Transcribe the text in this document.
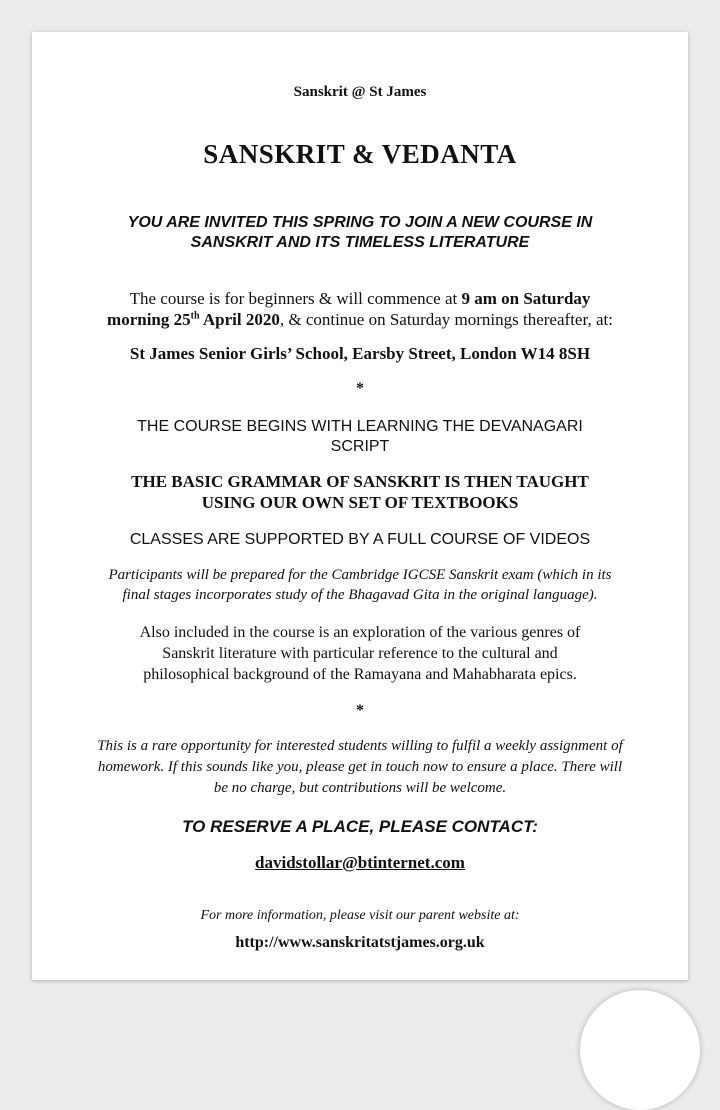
Sanskrit @ St James
SANSKRIT & VEDANTA
YOU ARE INVITED THIS SPRING TO JOIN A NEW COURSE IN
SANSKRIT AND ITS TIMELESS LITERATURE
The course is for beginners & will commence at 9 am on Saturday
morning 25th April 2020, & continue on Saturday mornings thereafter, at:
St James Senior Girls’ School, Earsby Street, London W14 8SH
*
THE COURSE BEGINS WITH LEARNING THE DEVANAGARI
SCRIPT
THE BASIC GRAMMAR OF SANSKRIT IS THEN TAUGHT
USING OUR OWN SET OF TEXTBOOKS
CLASSES ARE SUPPORTED BY A FULL COURSE OF VIDEOS
Participants will be prepared for the Cambridge IGCSE Sanskrit exam (which in its
final stages incorporates study of the Bhagavad Gita in the original language).
Also included in the course is an exploration of the various genres of
Sanskrit literature with particular reference to the cultural and
philosophical background of the Ramayana and Mahabharata epics.
*
This is a rare opportunity for interested students willing to fulfil a weekly assignment of
homework. If this sounds like you, please get in touch now to ensure a place. There will
be no charge, but contributions will be welcome.
TO RESERVE A PLACE, PLEASE CONTACT:
davidstollar@btinternet.com
For more information, please visit our parent website at:
http://www.sanskritatstjames.org.uk
